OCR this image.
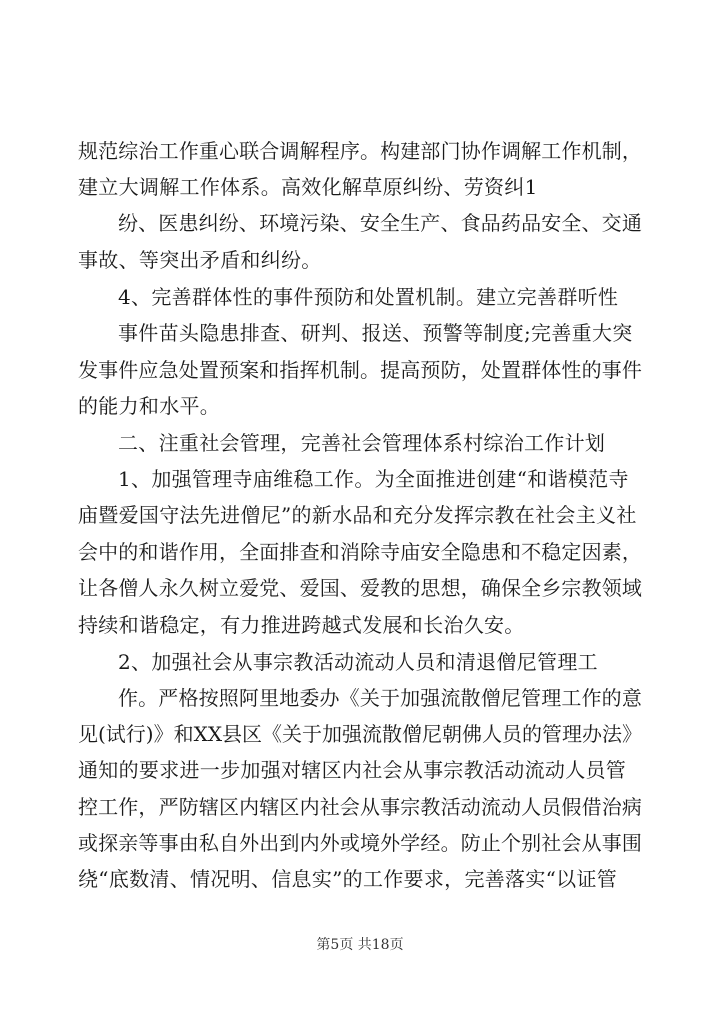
规范综治工作重心联合调解程序。构建部门协作调解工作机制，

建立大调解工作体系。高效化解草原纠纷、劳资纠1

纷、医患纠纷、环境污染、安全生产、食品药品安全、交通

事故、等突出矛盾和纠纷。

4、完善群体性的事件预防和处置机制。建立完善群听性

事件苗头隐患排查、研判、报送、预警等制度;完善重大突

发事件应急处置预案和指挥机制。提高预防，处置群体性的事件

的能力和水平。

二、注重社会管理，完善社会管理体系村综治工作计划

1、加强管理寺庙维稳工作。为全面推进创建“和谐模范寺

庙暨爱国守法先进僧尼”的新水品和充分发挥宗教在社会主义社

会中的和谐作用，全面排查和消除寺庙安全隐患和不稳定因素，

让各僧人永久树立爱党、爱国、爱教的思想，确保全乡宗教领域

持续和谐稳定，有力推进跨越式发展和长治久安。

2、加强社会从事宗教活动流动人员和清退僧尼管理工

作。严格按照阿里地委办《关于加强流散僧尼管理工作的意

见(试行)》和XX县区《关于加强流散僧尼朝佛人员的管理办法》

通知的要求进一步加强对辖区内社会从事宗教活动流动人员管

控工作，严防辖区内辖区内社会从事宗教活动流动人员假借治病

或探亲等事由私自外出到内外或境外学经。防止个别社会从事围

绕“底数清、情况明、信息实”的工作要求，完善落实“以证管

第5页 共18页
